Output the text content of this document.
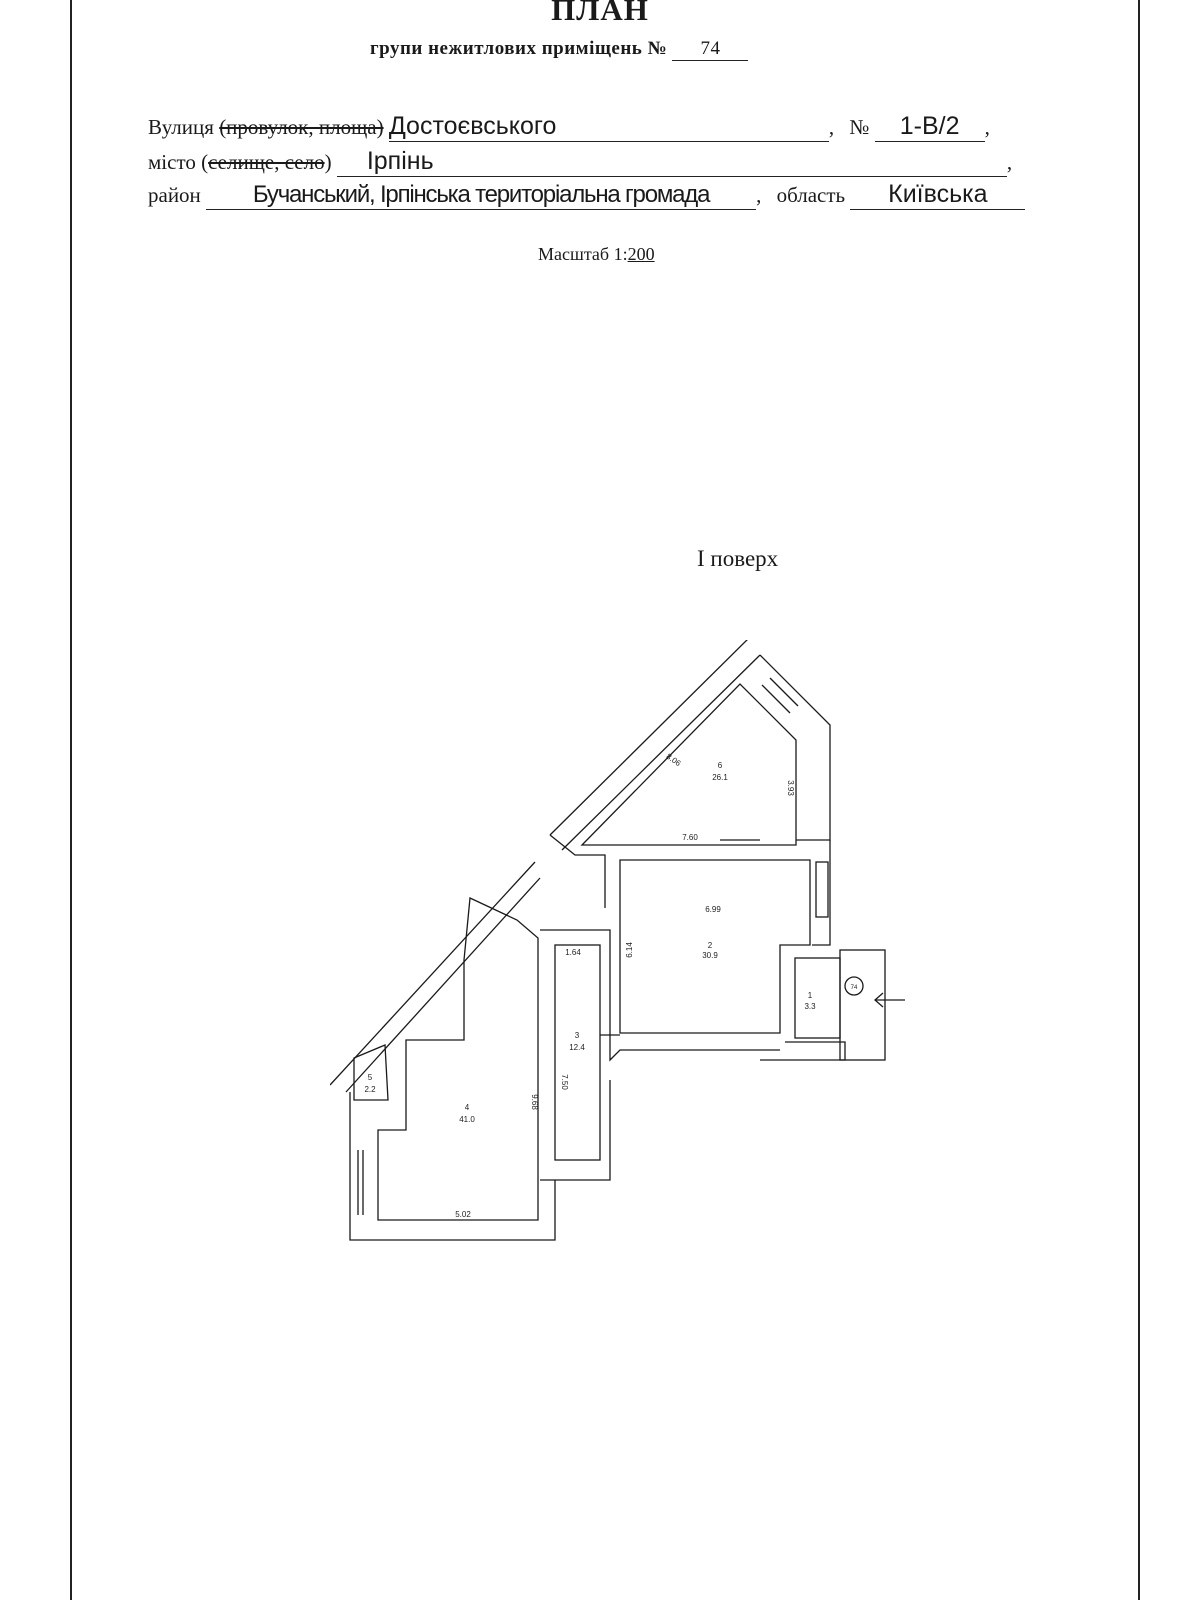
ПЛАН
групи нежитлових приміщень № 74
Вулиця (провулок, площа) Достоєвського	, № 1-В/2 ,
місто (селище, село) Ірпінь	,
район Бучанський, Ірпінська територіальна громада , область Київська
Масштаб 1:200
І поверх
6
26.1
2
30.9
1
3.3
3
12.4
4
41.0
5
2.2
74
8.06
3.93
7.60
6.99
6.14
1.64
7.50
9.68
5.02
